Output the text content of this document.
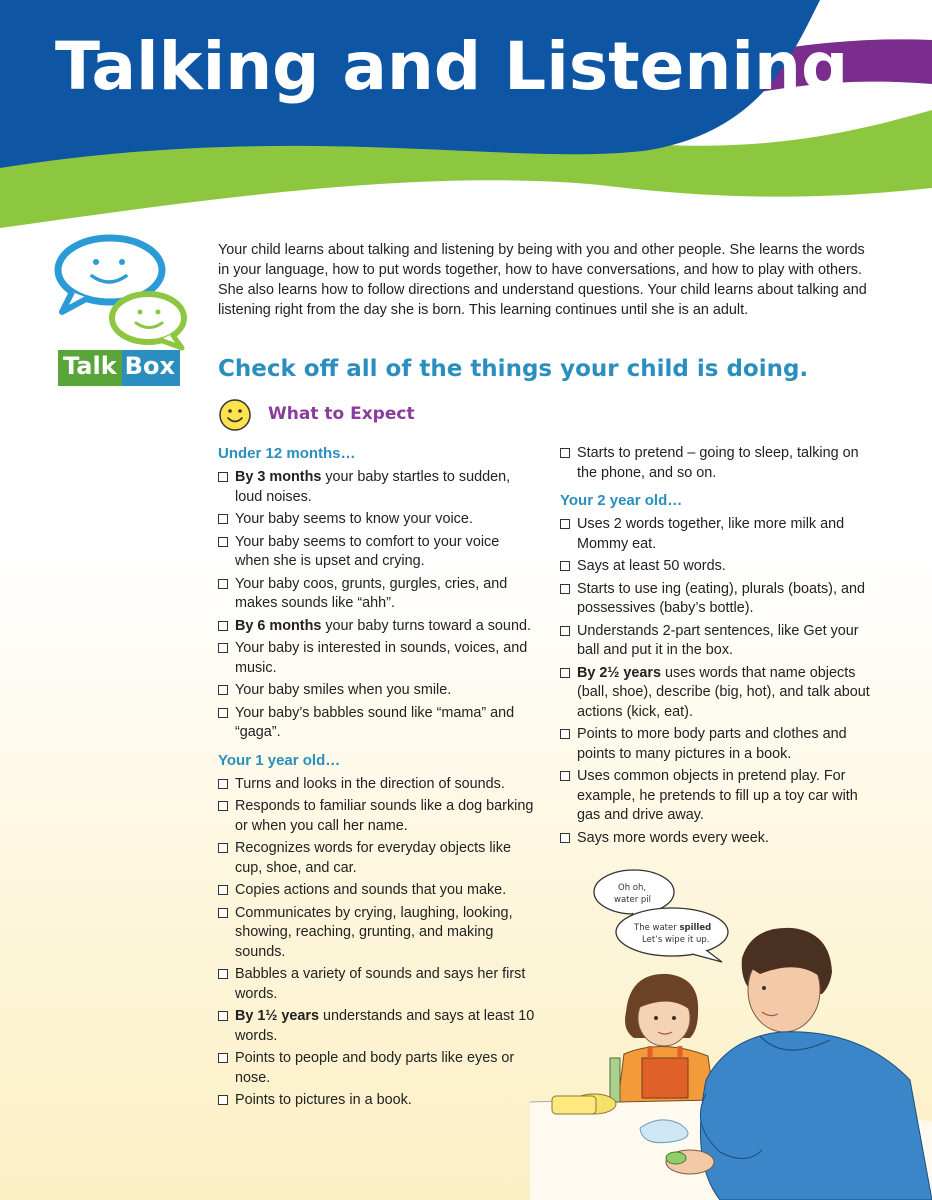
Talking and Listening
Talk Box

Your child learns about talking and listening by being with you and other people. She learns the words in your language, how to put words together, how to have conversations, and how to play with others. She also learns how to follow directions and understand questions. Your child learns about talking and listening right from the day she is born. This learning continues until she is an adult.

Check off all of the things your child is doing.
What to Expect
Under 12 months…
By 3 months your baby startles to sudden, loud noises.
Your baby seems to know your voice.
Your baby seems to comfort to your voice when she is upset and crying.
Your baby coos, grunts, gurgles, cries, and makes sounds like “ahh”.
By 6 months your baby turns toward a sound.
Your baby is interested in sounds, voices, and music.
Your baby smiles when you smile.
Your baby’s babbles sound like “mama” and “gaga”.
Your 1 year old…
Turns and looks in the direction of sounds.
Responds to familiar sounds like a dog barking or when you call her name.
Recognizes words for everyday objects like cup, shoe, and car.
Copies actions and sounds that you make.
Communicates by crying, laughing, looking, showing, reaching, grunting, and making sounds.
Babbles a variety of sounds and says her first words.
By 1½ years understands and says at least 10 words.
Points to people and body parts like eyes or nose.
Points to pictures in a book.
Starts to pretend – going to sleep, talking on the phone, and so on.
Your 2 year old…
Uses 2 words together, like more milk and Mommy eat.
Says at least 50 words.
Starts to use ing (eating), plurals (boats), and possessives (baby’s bottle).
Understands 2-part sentences, like Get your ball and put it in the box.
By 2½ years uses words that name objects (ball, shoe), describe (big, hot), and talk about actions (kick, eat).
Points to more body parts and clothes and points to many pictures in a book.
Uses common objects in pretend play. For example, he pretends to fill up a toy car with gas and drive away.
Says more words every week.
Oh oh,
water pil
The water spilled
Let’s wipe it up.
